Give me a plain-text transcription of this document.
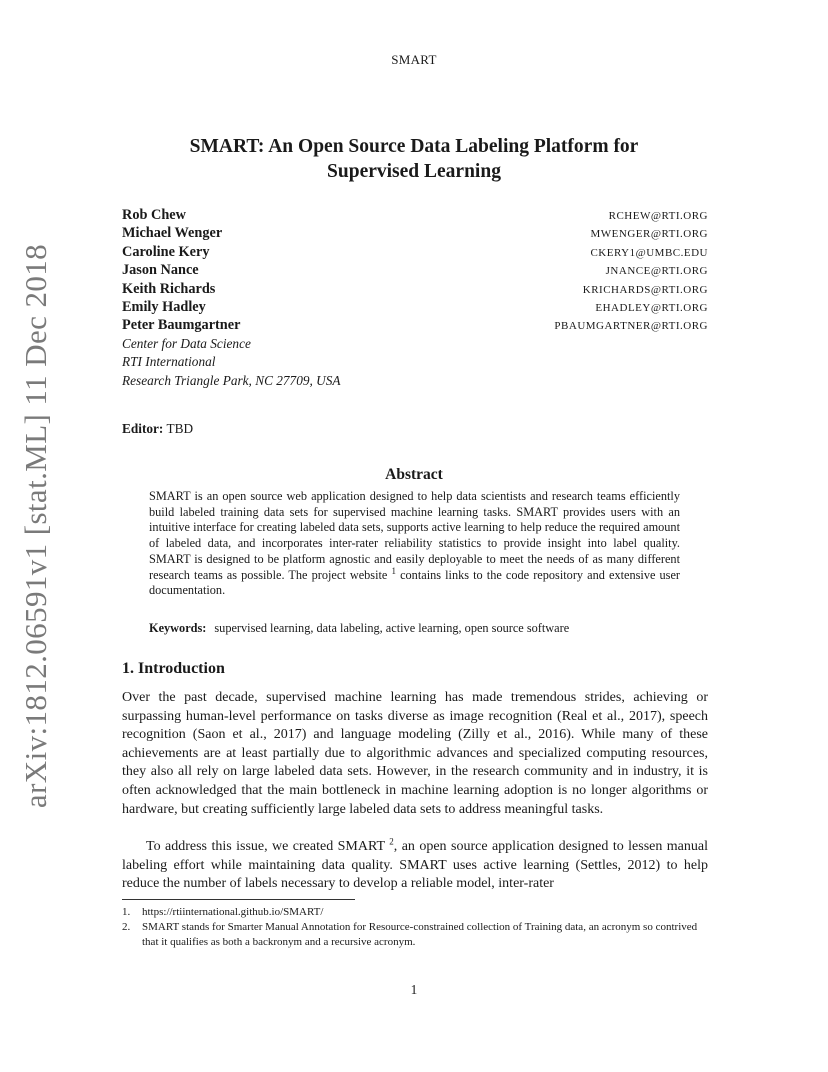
SMART
SMART: An Open Source Data Labeling Platform for
Supervised Learning
arXiv:1812.06591v1 [stat.ML] 11 Dec 2018
Rob Chew	RCHEW@RTI.ORG
Michael Wenger	MWENGER@RTI.ORG
Caroline Kery	CKERY1@UMBC.EDU
Jason Nance	JNANCE@RTI.ORG
Keith Richards	KRICHARDS@RTI.ORG
Emily Hadley	EHADLEY@RTI.ORG
Peter Baumgartner	PBAUMGARTNER@RTI.ORG
Center for Data Science
RTI International
Research Triangle Park, NC 27709, USA
Editor: TBD
Abstract
SMART is an open source web application designed to help data scientists and research teams efficiently build labeled training data sets for supervised machine learning tasks. SMART provides users with an intuitive interface for creating labeled data sets, supports active learning to help reduce the required amount of labeled data, and incorporates inter-rater reliability statistics to provide insight into label quality. SMART is designed to be platform agnostic and easily deployable to meet the needs of as many different research teams as possible. The project website $^1$ contains links to the code repository and extensive user documentation.
Keywords: supervised learning, data labeling, active learning, open source software
1. Introduction
Over the past decade, supervised machine learning has made tremendous strides, achieving or surpassing human-level performance on tasks diverse as image recognition (Real et al., 2017), speech recognition (Saon et al., 2017) and language modeling (Zilly et al., 2016). While many of these achievements are at least partially due to algorithmic advances and specialized computing resources, they also all rely on large labeled data sets. However, in the research community and in industry, it is often acknowledged that the main bottleneck in machine learning adoption is no longer algorithms or hardware, but creating sufficiently large labeled data sets to address meaningful tasks.
To address this issue, we created SMART $^2$, an open source application designed to lessen manual labeling effort while maintaining data quality. SMART uses active learning (Settles, 2012) to help reduce the number of labels necessary to develop a reliable model, inter-rater
1.	https://rtiinternational.github.io/SMART/
2.	SMART stands for Smarter Manual Annotation for Resource-constrained collection of Training data, an acronym so contrived that it qualifies as both a backronym and a recursive acronym.
1
